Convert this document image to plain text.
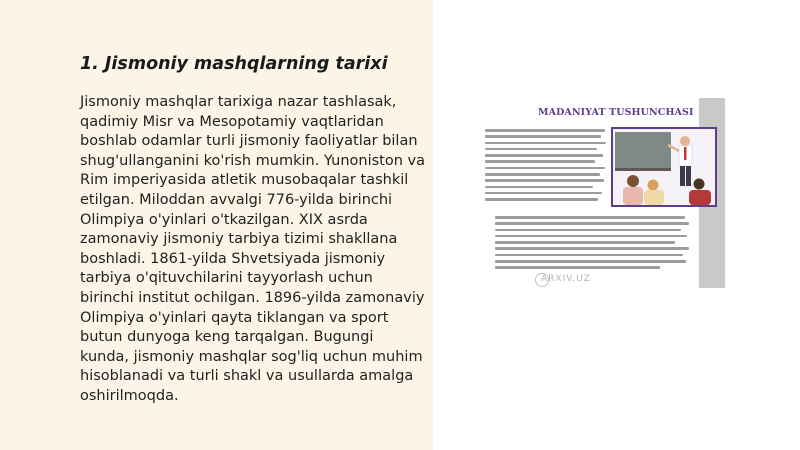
1. Jismoniy mashqlarning tarixi

Jismoniy mashqlar tarixiga nazar tashlasak, qadimiy Misr va Mesopotamiy vaqtlaridan boshlab odamlar turli jismoniy faoliyatlar bilan shug'ullanganini ko'rish mumkin. Yunoniston va Rim imperiyasida atletik musobaqalar tashkil etilgan. Miloddan avvalgi 776-yilda birinchi Olimpiya o'yinlari o'tkazilgan. XIX asrda zamonaviy jismoniy tarbiya tizimi shakllana boshladi. 1861-yilda Shvetsiyada jismoniy tarbiya o'qituvchilarini tayyorlash uchun birinchi institut ochilgan. 1896-yilda zamonaviy Olimpiya o'yinlari qayta tiklangan va sport butun dunyoga keng tarqalgan. Bugungi kunda, jismoniy mashqlar sog'liq uchun muhim hisoblanadi va turli shakl va usullarda amalga oshirilmoqda.

MADANIYAT TUSHUNCHASI
ARXIV.UZ
